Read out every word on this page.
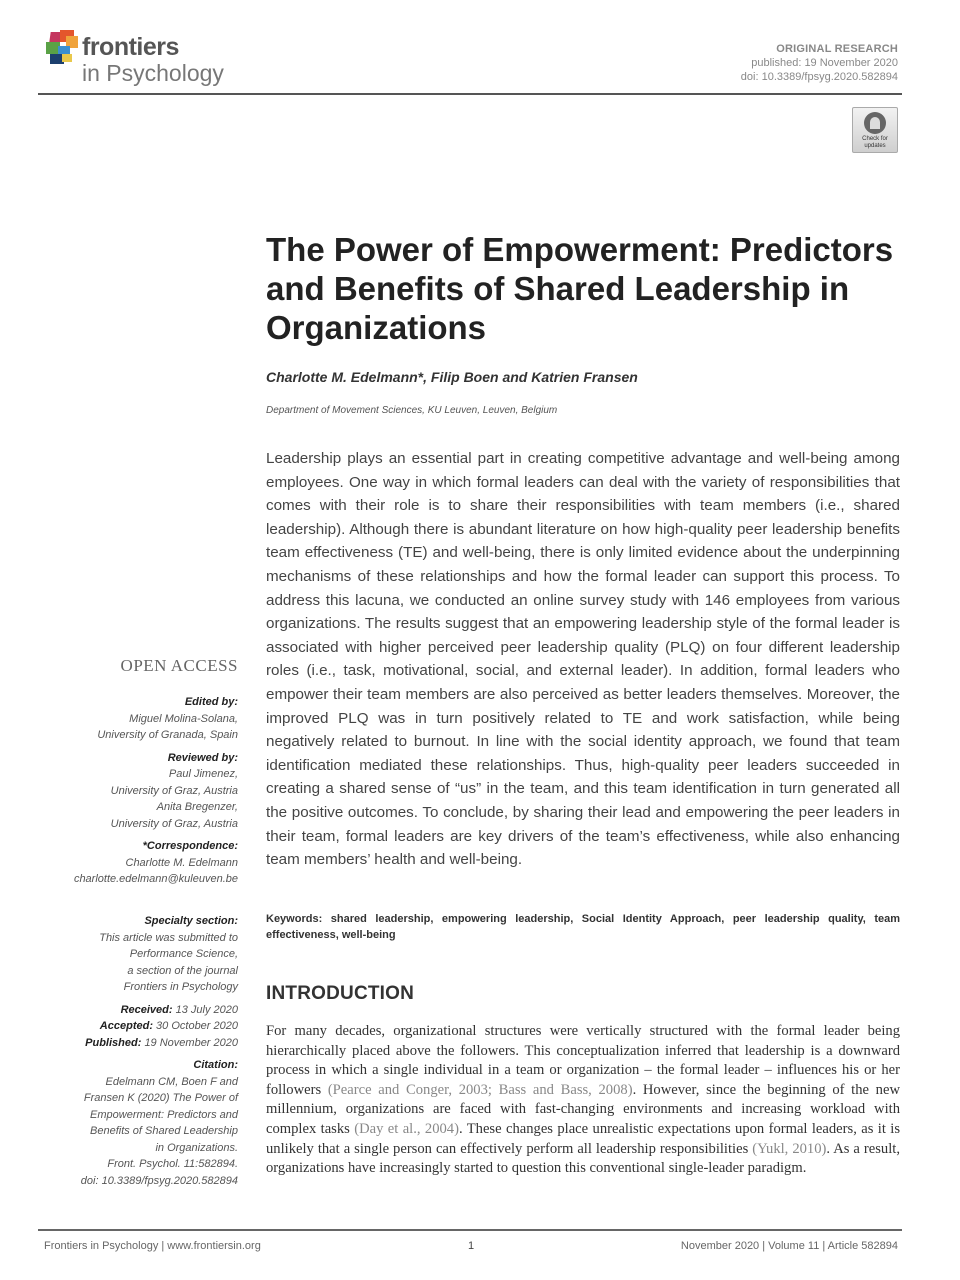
frontiers
in Psychology
ORIGINAL RESEARCH
published: 19 November 2020
doi: 10.3389/fpsyg.2020.582894
Check for updates
The Power of Empowerment: Predictors and Benefits of Shared Leadership in Organizations
Charlotte M. Edelmann*, Filip Boen and Katrien Fransen
Department of Movement Sciences, KU Leuven, Leuven, Belgium

Leadership plays an essential part in creating competitive advantage and well-being among employees. One way in which formal leaders can deal with the variety of responsibilities that comes with their role is to share their responsibilities with team members (i.e., shared leadership). Although there is abundant literature on how high-quality peer leadership benefits team effectiveness (TE) and well-being, there is only limited evidence about the underpinning mechanisms of these relationships and how the formal leader can support this process. To address this lacuna, we conducted an online survey study with 146 employees from various organizations. The results suggest that an empowering leadership style of the formal leader is associated with higher perceived peer leadership quality (PLQ) on four different leadership roles (i.e., task, motivational, social, and external leader). In addition, formal leaders who empower their team members are also perceived as better leaders themselves. Moreover, the improved PLQ was in turn positively related to TE and work satisfaction, while being negatively related to burnout. In line with the social identity approach, we found that team identification mediated these relationships. Thus, high-quality peer leaders succeeded in creating a shared sense of “us” in the team, and this team identification in turn generated all the positive outcomes. To conclude, by sharing their lead and empowering the peer leaders in their team, formal leaders are key drivers of the team’s effectiveness, while also enhancing team members’ health and well-being.

Keywords: shared leadership, empowering leadership, Social Identity Approach, peer leadership quality, team effectiveness, well-being

INTRODUCTION

For many decades, organizational structures were vertically structured with the formal leader being hierarchically placed above the followers. This conceptualization inferred that leadership is a downward process in which a single individual in a team or organization – the formal leader – influences his or her followers (Pearce and Conger, 2003; Bass and Bass, 2008). However, since the beginning of the new millennium, organizations are faced with fast-changing environments and increasing workload with complex tasks (Day et al., 2004). These changes place unrealistic expectations upon formal leaders, as it is unlikely that a single person can effectively perform all leadership responsibilities (Yukl, 2010). As a result, organizations have increasingly started to question this conventional single-leader paradigm.

OPEN ACCESS
Edited by:
Miguel Molina-Solana,
University of Granada, Spain
Reviewed by:
Paul Jimenez,
University of Graz, Austria
Anita Bregenzer,
University of Graz, Austria
*Correspondence:
Charlotte M. Edelmann
charlotte.edelmann@kuleuven.be
Specialty section:
This article was submitted to
Performance Science,
a section of the journal
Frontiers in Psychology
Received: 13 July 2020
Accepted: 30 October 2020
Published: 19 November 2020
Citation:
Edelmann CM, Boen F and
Fransen K (2020) The Power of
Empowerment: Predictors and
Benefits of Shared Leadership
in Organizations.
Front. Psychol. 11:582894.
doi: 10.3389/fpsyg.2020.582894
Frontiers in Psychology | www.frontiersin.org	1	November 2020 | Volume 11 | Article 582894
